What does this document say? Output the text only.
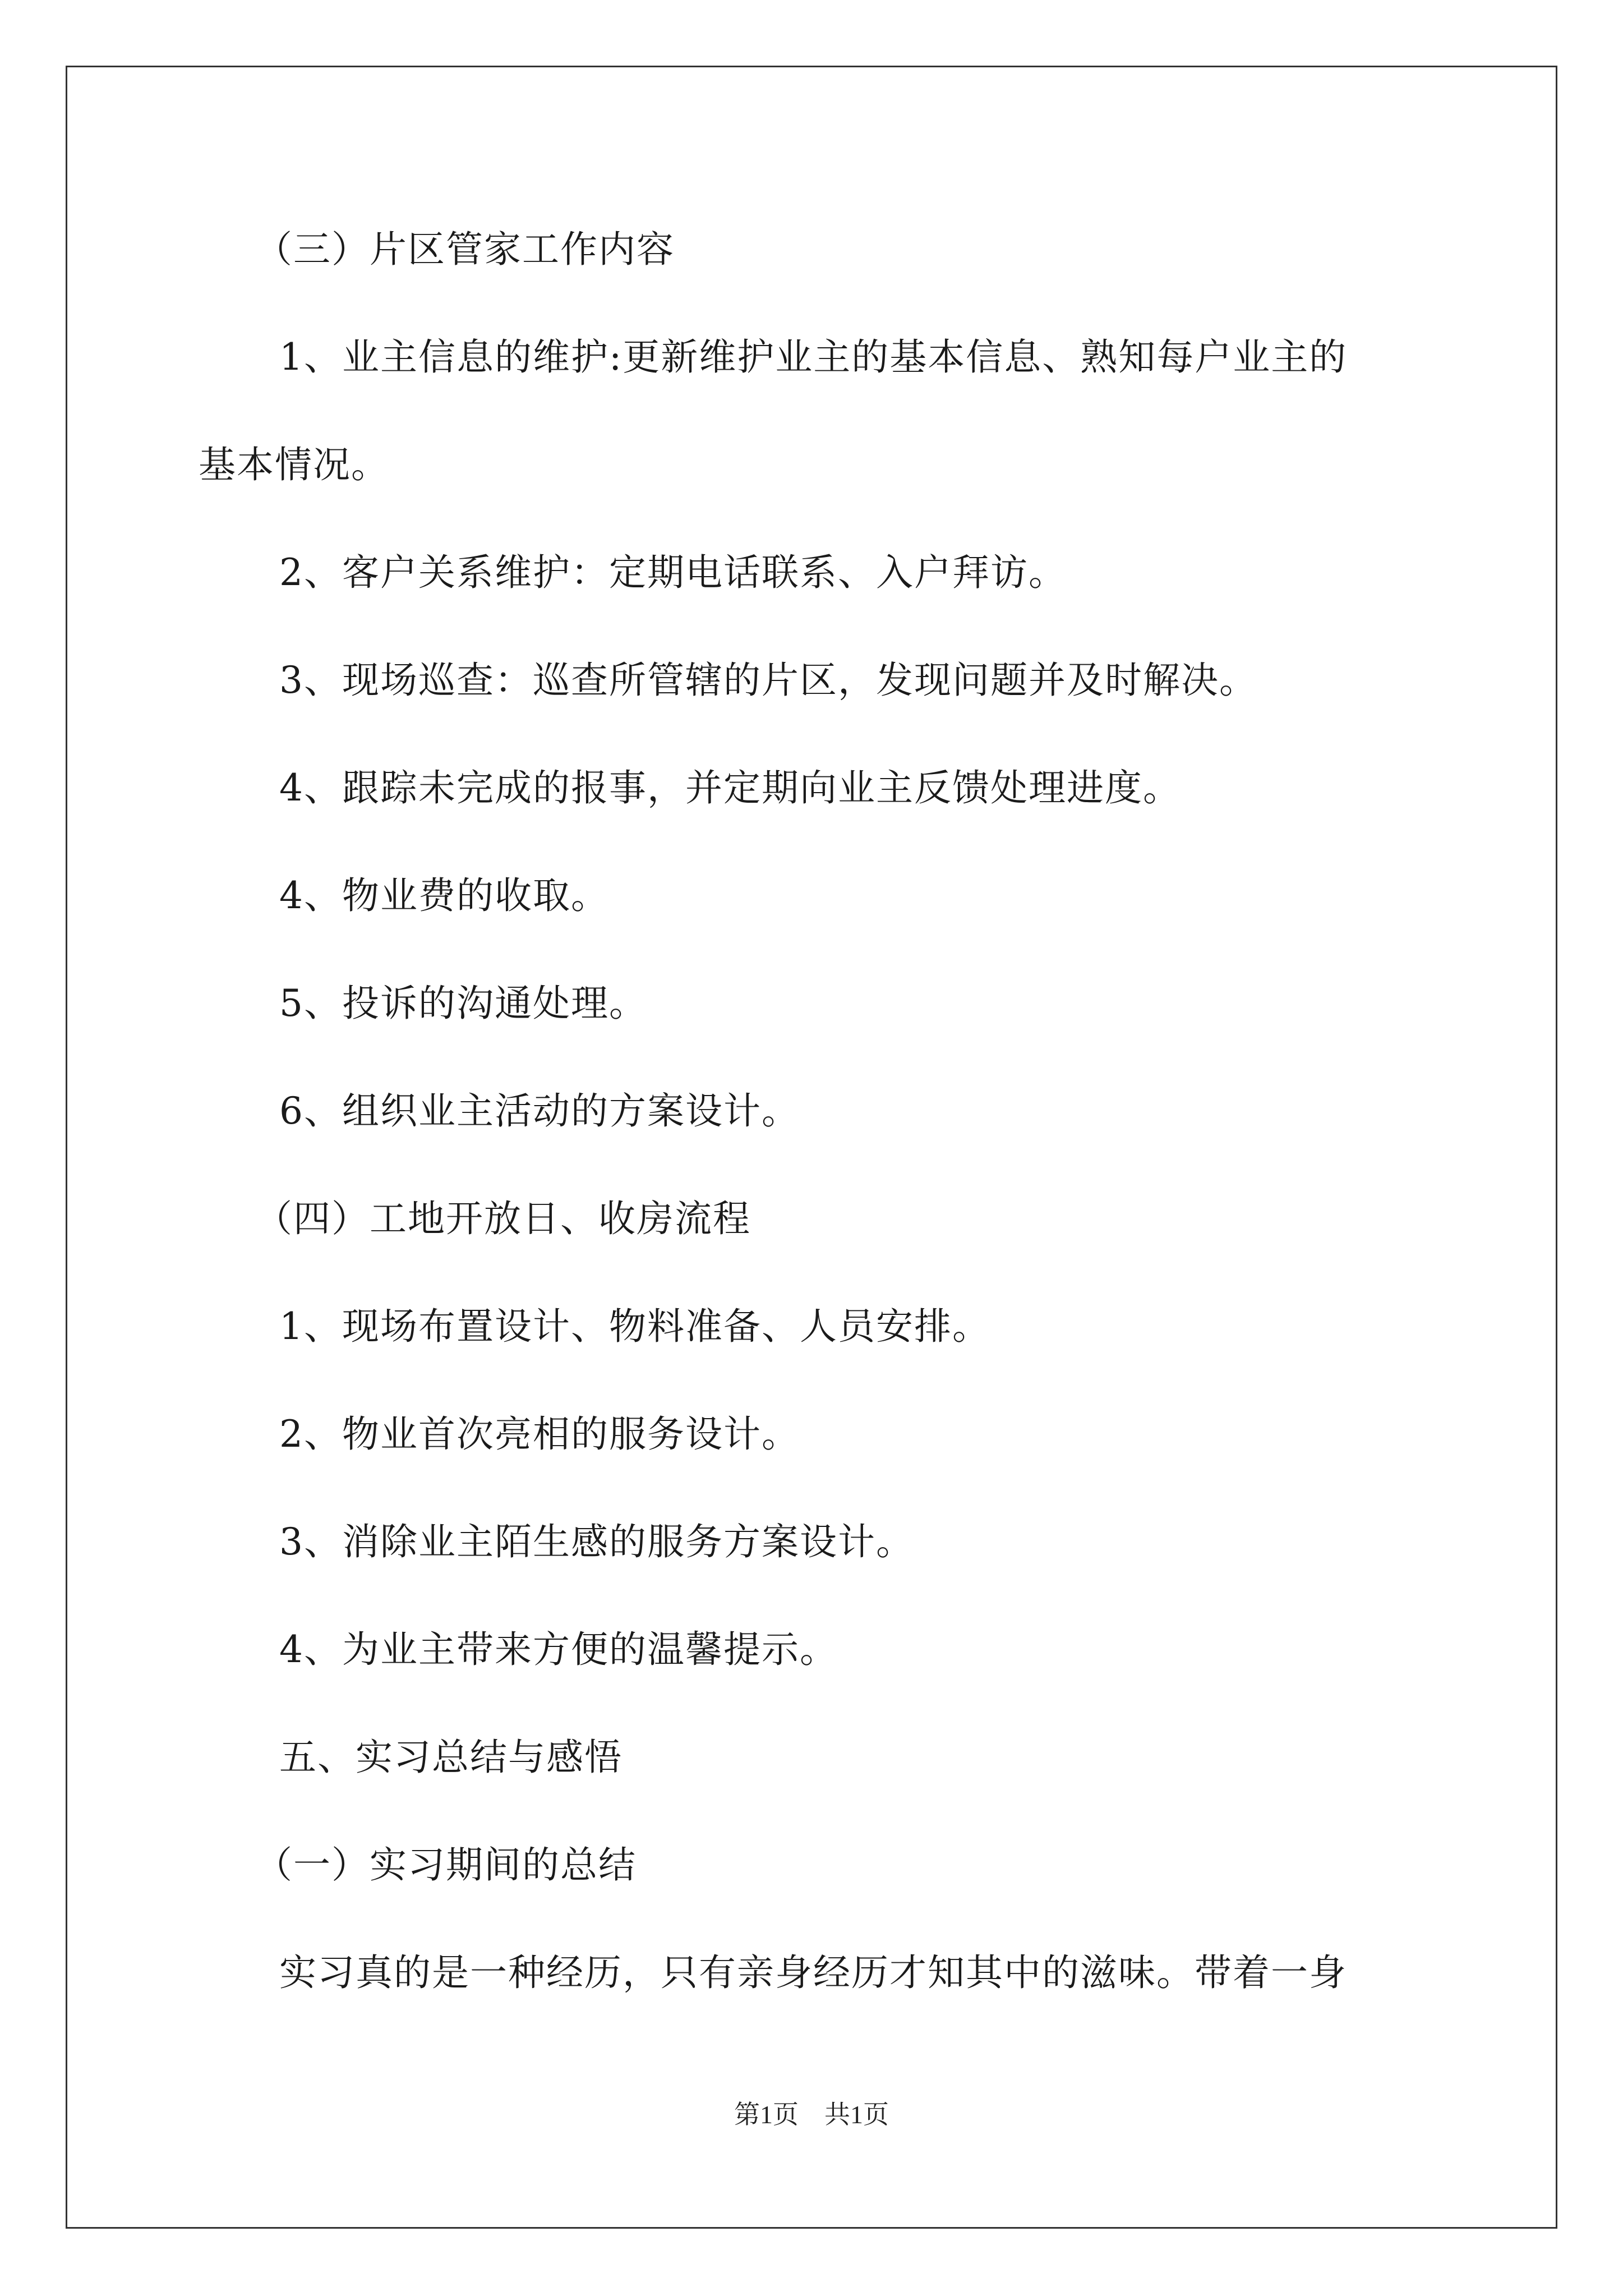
（三）片区管家工作内容
1、业主信息的维护:更新维护业主的基本信息、熟知每户业主的
基本情况。
2、客户关系维护：定期电话联系、入户拜访。
3、现场巡查：巡查所管辖的片区，发现问题并及时解决。
4、跟踪未完成的报事，并定期向业主反馈处理进度。
4、物业费的收取。
5、投诉的沟通处理。
6、组织业主活动的方案设计。
（四）工地开放日、收房流程
1、现场布置设计、物料准备、人员安排。
2、物业首次亮相的服务设计。
3、消除业主陌生感的服务方案设计。
4、为业主带来方便的温馨提示。
五、实习总结与感悟
（一）实习期间的总结
实习真的是一种经历，只有亲身经历才知其中的滋味。带着一身
第1页　共1页
